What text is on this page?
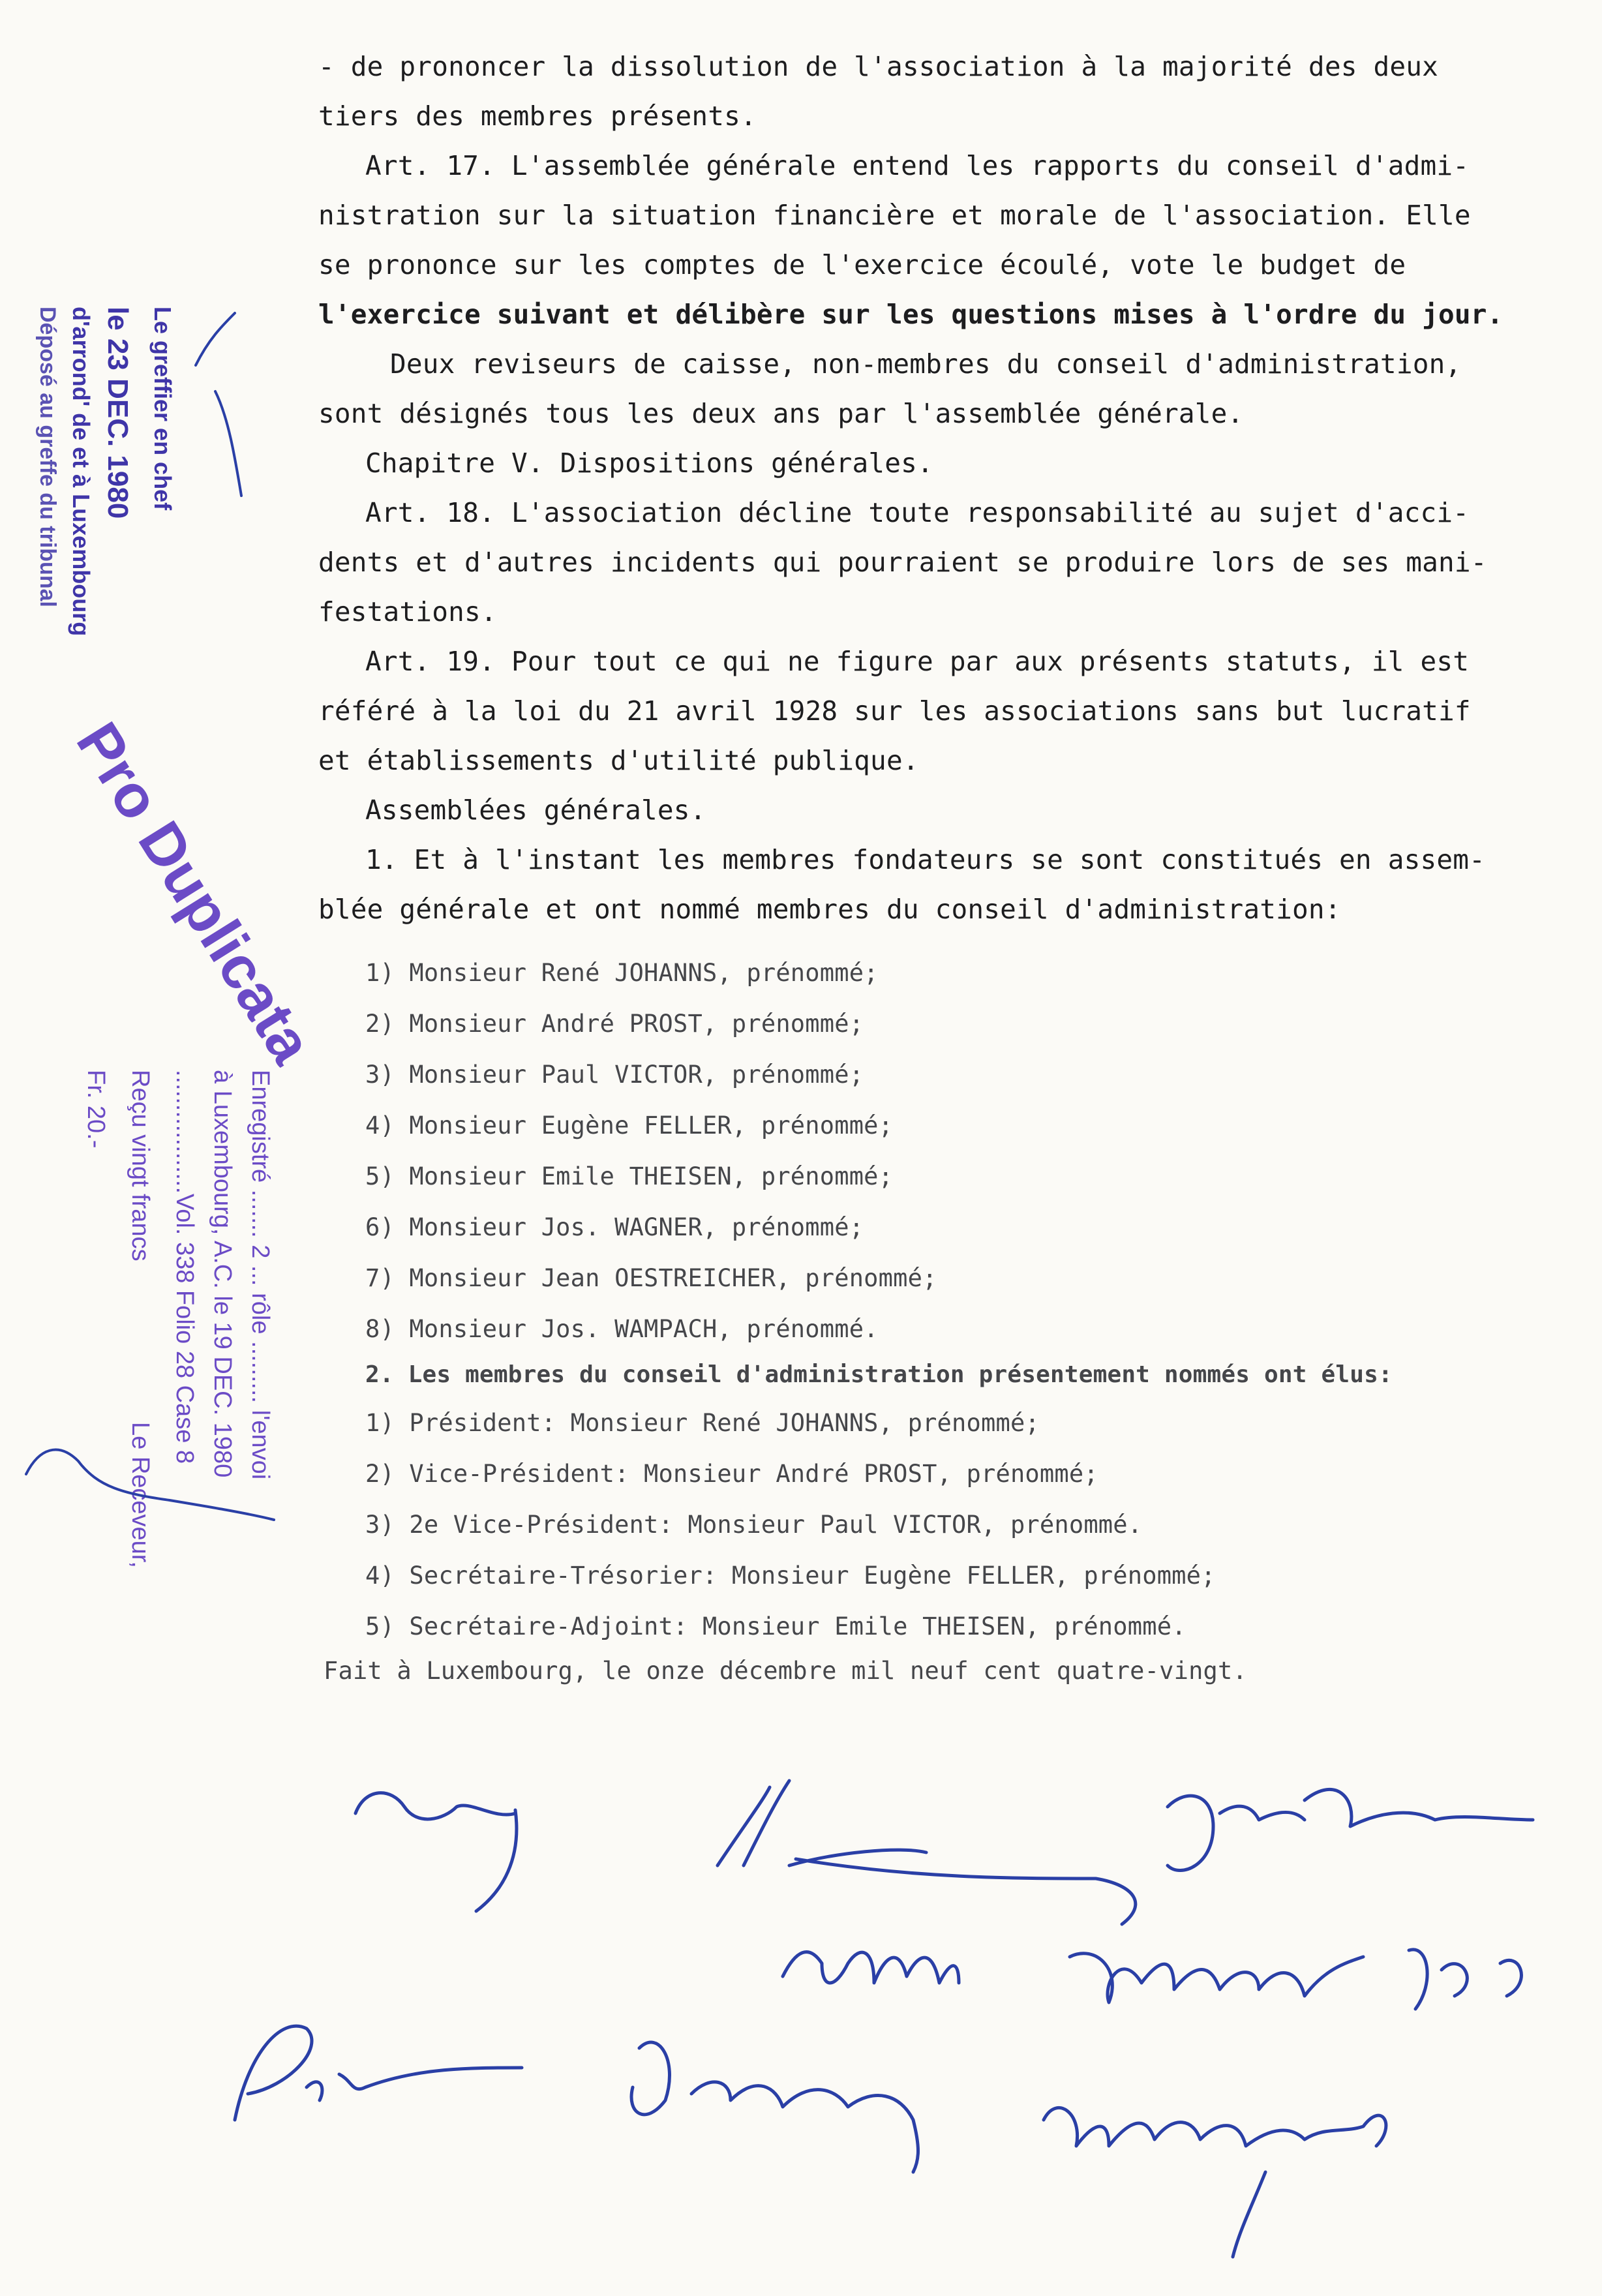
- de prononcer la dissolution de l'association à la majorité des deux
tiers des membres présents.
Art. 17. L'assemblée générale entend les rapports du conseil d'admi-
nistration sur la situation financière et morale de l'association. Elle
se prononce sur les comptes de l'exercice écoulé, vote le budget de
l'exercice suivant et délibère sur les questions mises à l'ordre du jour.
Deux reviseurs de caisse, non-membres du conseil d'administration,
sont désignés tous les deux ans par l'assemblée générale.
Chapitre V. Dispositions générales.
Art. 18. L'association décline toute responsabilité au sujet d'acci-
dents et d'autres incidents qui pourraient se produire lors de ses mani-
festations.
Art. 19. Pour tout ce qui ne figure par aux présents statuts, il est
référé à la loi du 21 avril 1928 sur les associations sans but lucratif
et établissements d'utilité publique.
Assemblées générales.
1. Et à l'instant les membres fondateurs se sont constitués en assem-
blée générale et ont nommé membres du conseil d'administration:
1) Monsieur René JOHANNS, prénommé;
2) Monsieur André PROST, prénommé;
3) Monsieur Paul VICTOR, prénommé;
4) Monsieur Eugène FELLER, prénommé;
5) Monsieur Emile THEISEN, prénommé;
6) Monsieur Jos. WAGNER, prénommé;
7) Monsieur Jean OESTREICHER, prénommé;
8) Monsieur Jos. WAMPACH, prénommé.
2. Les membres du conseil d'administration présentement nommés ont élus:
1) Président: Monsieur René JOHANNS, prénommé;
2) Vice-Président: Monsieur André PROST, prénommé;
3) 2e Vice-Président: Monsieur Paul VICTOR, prénommé.
4) Secrétaire-Trésorier: Monsieur Eugène FELLER, prénommé;
5) Secrétaire-Adjoint: Monsieur Emile THEISEN, prénommé.
Fait à Luxembourg, le onze décembre mil neuf cent quatre-vingt.
Déposé au greffe du tribunal d'arrond' de et à Luxembourg le 23 DEC. 1980 Le greffier en chef
Pro Duplicata
Enregistré ....... 2 ... rôle ......... l'envoi
à Luxembourg, A.C. le 19 DEC. 1980
..................Vol. 338 Folio 28 Case 8
Reçu vingt francs
Fr. 20.-
Le Receveur,
